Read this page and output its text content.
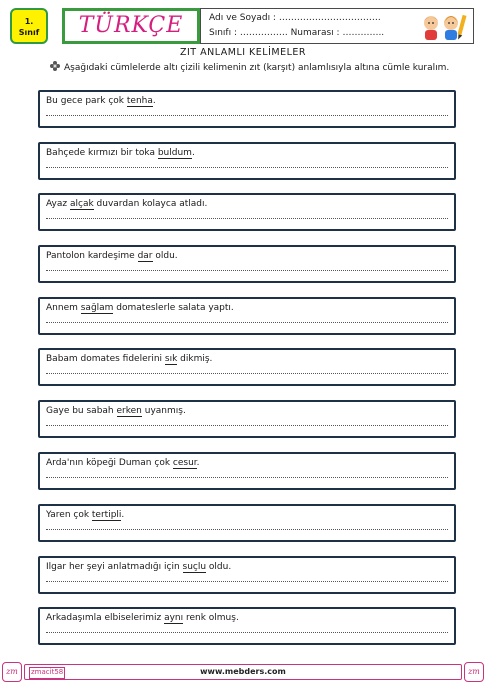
1.
Sınıf	TÜRKÇE	Adı ve Soyadı : …………………………….
Sınıfı : ……………. Numarası : …………..
ZIT ANLAMLI KELİMELER
Aşağıdaki cümlelerde altı çizili kelimenin zıt (karşıt) anlamlısıyla altına cümle kuralım.
Bu gece park çok tenha.
Bahçede kırmızı bir toka buldum.
Ayaz alçak duvardan kolayca atladı.
Pantolon kardeşime dar oldu.
Annem sağlam domateslerle salata yaptı.
Babam domates fidelerini sık dikmiş.
Gaye bu sabah erken uyanmış.
Arda'nın köpeği Duman çok cesur.
Yaren çok tertipli.
Ilgar her şeyi anlatmadığı için suçlu oldu.
Arkadaşımla elbiselerimiz aynı renk olmuş.
zm	zmacit58	www.mebders.com	zm
